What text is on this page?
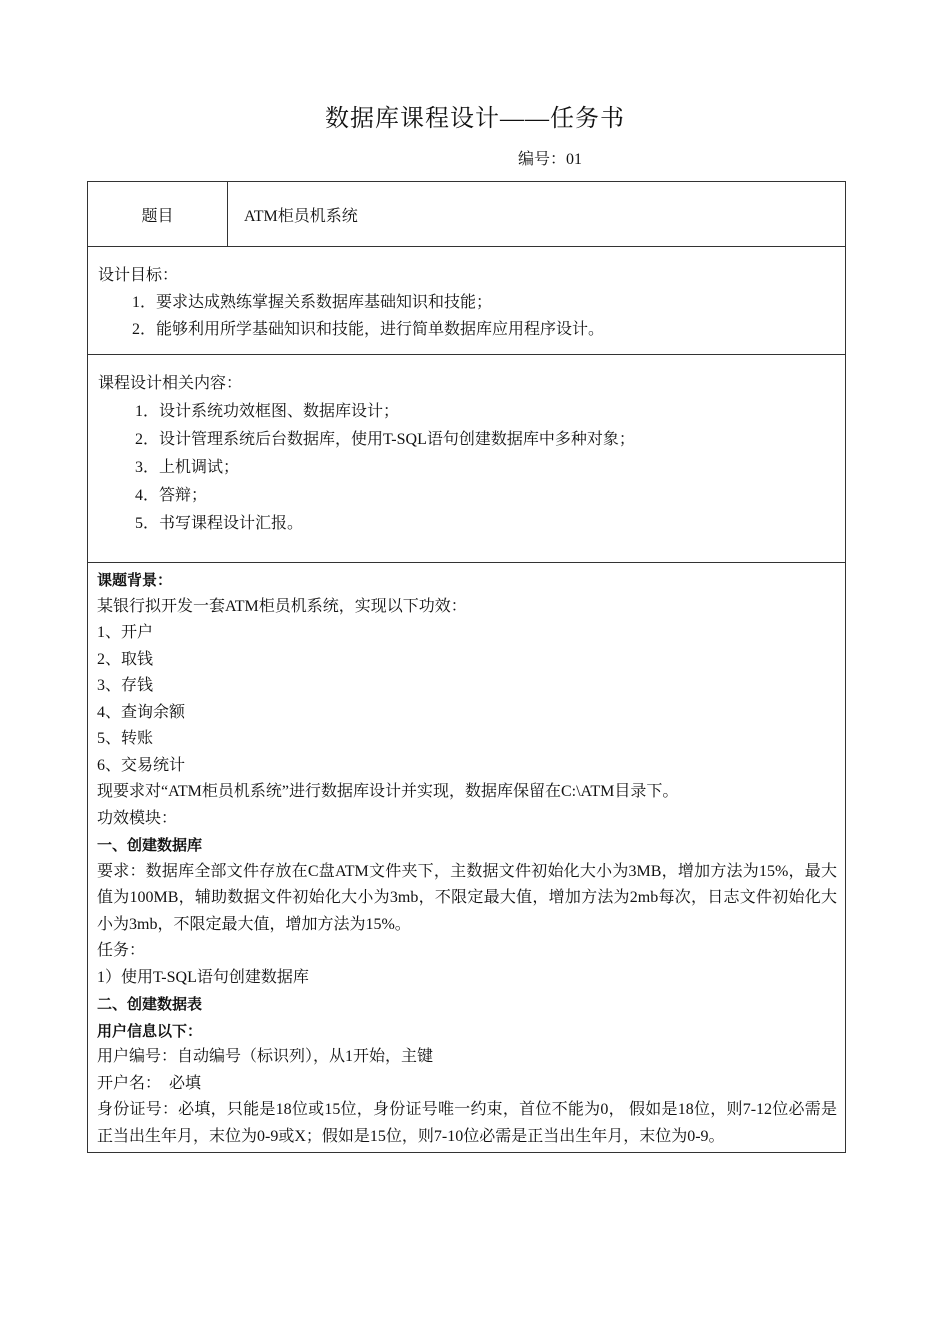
数据库课程设计——任务书
编号：01
题目	ATM柜员机系统
设计目标：
1．要求达成熟练掌握关系数据库基础知识和技能；
2．能够利用所学基础知识和技能，进行简单数据库应用程序设计。
课程设计相关内容：
1．设计系统功效框图、数据库设计；
2．设计管理系统后台数据库，使用T-SQL语句创建数据库中多种对象；
3．上机调试；
4．答辩；
5．书写课程设计汇报。
课题背景：
某银行拟开发一套ATM柜员机系统，实现以下功效：
1、开户
2、取钱
3、存钱
4、查询余额
5、转账
6、交易统计
现要求对“ATM柜员机系统”进行数据库设计并实现，数据库保留在C:\ATM目录下。
功效模块：
一、创建数据库
要求：数据库全部文件存放在C盘ATM文件夹下，主数据文件初始化大小为3MB，增加方法为15%，最大值为100MB，辅助数据文件初始化大小为3mb，不限定最大值，增加方法为2mb每次，日志文件初始化大小为3mb，不限定最大值，增加方法为15%。
任务：
1）使用T-SQL语句创建数据库
二、创建数据表
用户信息以下：
用户编号：自动编号（标识列），从1开始，主键
开户名：  必填
身份证号：必填，只能是18位或15位，身份证号唯一约束，首位不能为0， 假如是18位，则7-12位必需是正当出生年月，末位为0-9或X；假如是15位，则7-10位必需是正当出生年月，末位为0-9。
